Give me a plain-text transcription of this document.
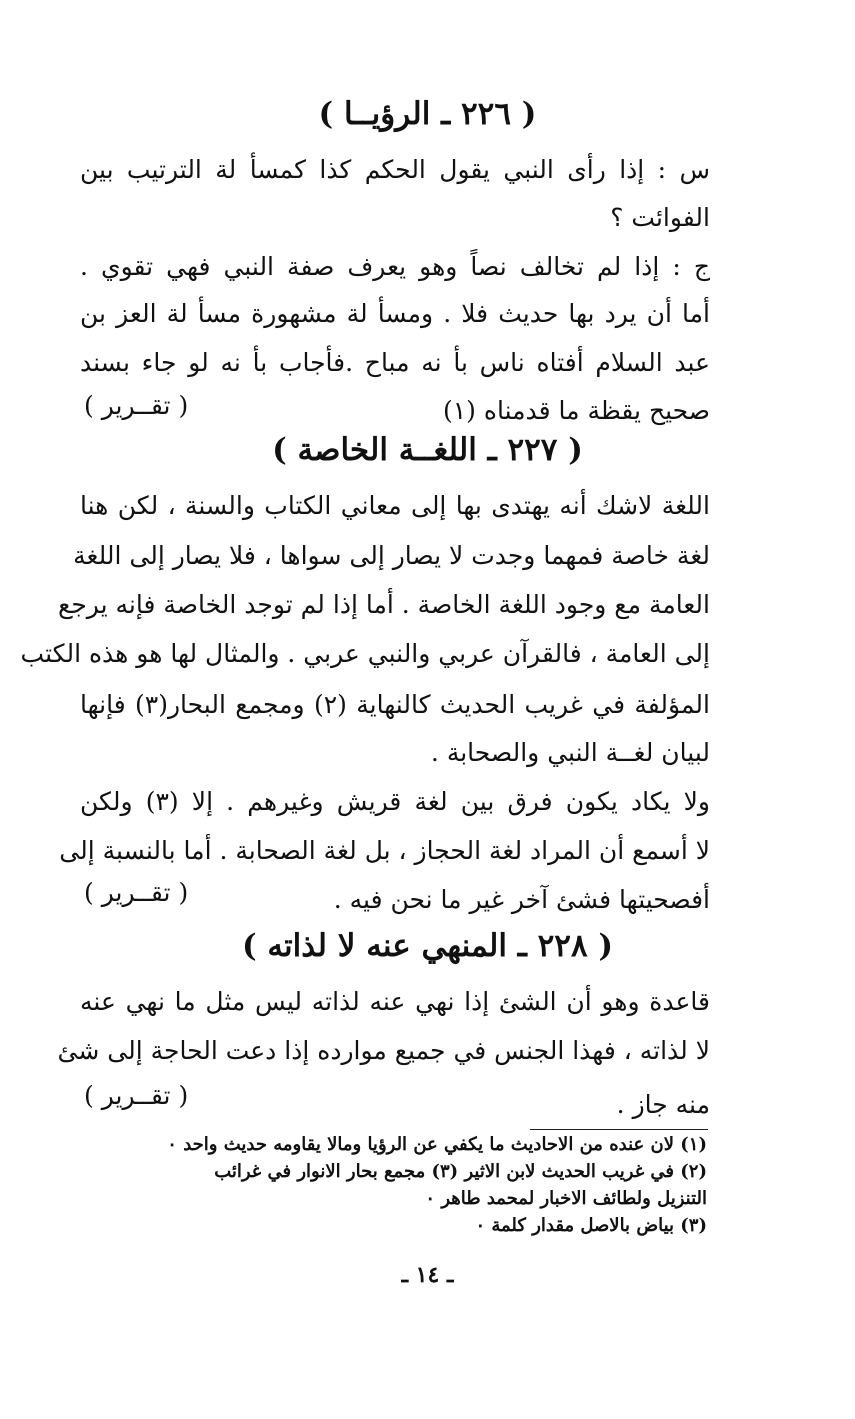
( ٢٢٦ ـ الرؤيــا )
س : إذا رأى النبي يقول الحكم كذا كمسأ لة الترتيب بين
الفوائت ؟
ج : إذا لم تخالف نصاً وهو يعرف صفة النبي فهي تقوي .
أما أن يرد بها حديث فلا . ومسأ لة مشهورة مسأ لة العز بن
عبد السلام أفتاه ناس بأ نه مباح .فأجاب بأ نه لو جاء بسند
صحيح يقظة ما قدمناه (١)
( تقــرير )
( ٢٢٧ ـ اللغــة الخاصة )
اللغة لاشك أنه يهتدى بها إلى معاني الكتاب والسنة ، لكن هنا
لغة خاصة فمهما وجدت لا يصار إلى سواها ، فلا يصار إلى اللغة
العامة مع وجود اللغة الخاصة . أما إذا لم توجد الخاصة فإنه يرجع
إلى العامة ، فالقرآن عربي والنبي عربي . والمثال لها هو هذه الكتب
المؤلفة في غريب الحديث كالنهاية (٢) ومجمع البحار(٣) فإنها
لبيان لغــة النبي والصحابة .
ولا يكاد يكون فرق بين لغة قريش وغيرهم . إلا (٣) ولكن
لا أسمع أن المراد لغة الحجاز ، بل لغة الصحابة . أما بالنسبة إلى
أفصحيتها فشئ آخر غير ما نحن فيه .
( تقــرير )
( ٢٢٨ ـ المنهي عنه لا لذاته )
قاعدة وهو أن الشئ إذا نهي عنه لذاته ليس مثل ما نهي عنه
لا لذاته ، فهذا الجنس في جميع موارده إذا دعت الحاجة إلى شئ
منه جاز .
( تقــرير )
(١) لان عنده من الاحاديث ما يكفي عن الرؤيا ومالا يقاومه حديث واحد ٠
(٢) في غريب الحديث لابن الاثير (٣) مجمع بحار الانوار في غرائب
التنزيل ولطائف الاخبار لمحمد طاهر ٠
(٣) بياض بالاصل مقدار كلمة ٠
ـ ١٤ ـ
